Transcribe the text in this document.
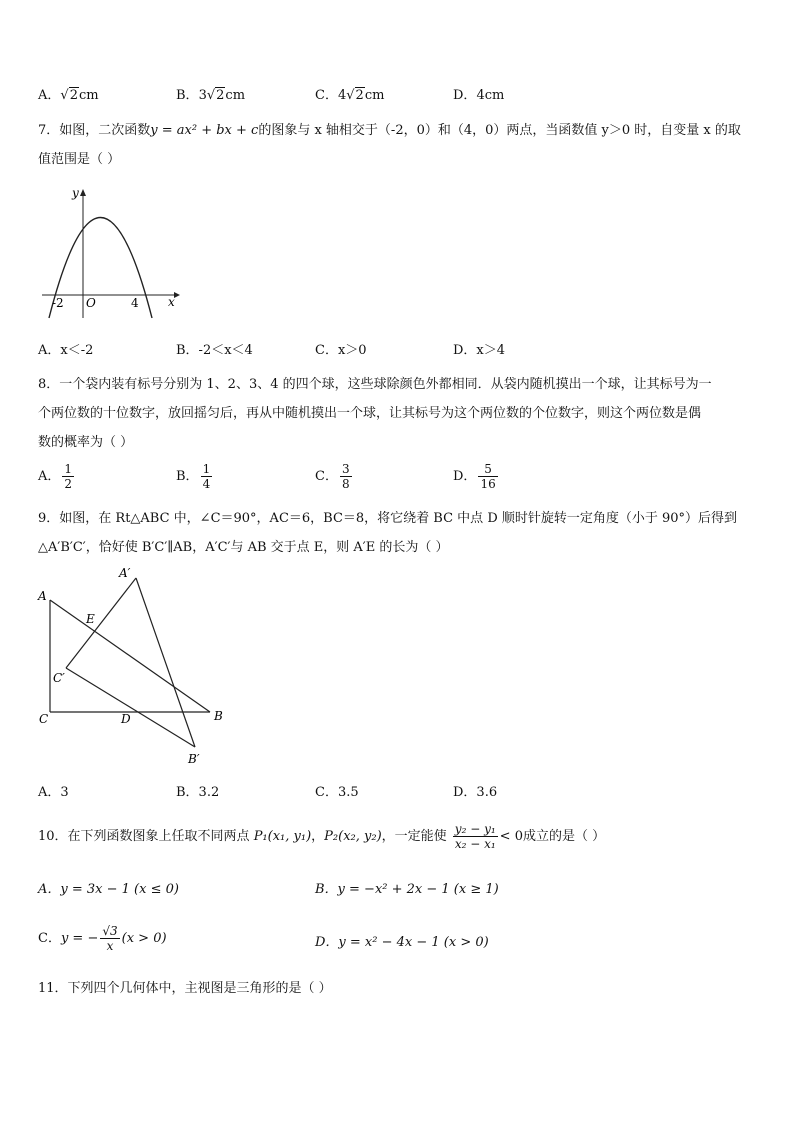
A．√2cm	B．3√2cm	C．4√2cm	D．4cm
7．如图，二次函数y = ax² + bx + c的图象与 x 轴相交于（-2，0）和（4，0）两点，当函数值 y＞0 时，自变量 x 的取
值范围是（ ）
y
x
O
-2	4
A．x＜-2	B．-2＜x＜4	C．x＞0	D．x＞4
8．一个袋内装有标号分别为 1、2、3、4 的四个球，这些球除颜色外都相同．从袋内随机摸出一个球，让其标号为一
个两位数的十位数字，放回摇匀后，再从中随机摸出一个球，让其标号为这个两位数的个位数字，则这个两位数是偶
数的概率为（ ）
A． $\frac{1}{2}$	B． $\frac{1}{4}$	C． $\frac{3}{8}$	D． $\frac{5}{16}$
9．如图，在 Rt△ABC 中，∠C＝90°，AC＝6，BC＝8，将它绕着 BC 中点 D 顺时针旋转一定角度（小于 90°）后得到
△A′B′C′，恰好使 B′C′∥AB，A′C′与 AB 交于点 E，则 A′E 的长为（ ）
A
B
C	D
E
A′
B′
C′
A．3	B．3.2	C．3.5	D．3.6
10．在下列函数图象上任取不同两点 P₁(x₁, y₁)，P₂(x₂, y₂)，一定能使 $\frac{\text{y₂ − y₁}}{\text{x₂ − x₁}} < 0$成立的是（ ）
A．y = 3x − 1 (x ≤ 0)	B．y = −x² + 2x − 1 (x ≥ 1)
C．y = − $\frac{√3}{x} (x > 0)$	D．y = x² − 4x − 1 (x > 0)
11．下列四个几何体中，主视图是三角形的是（ ）
